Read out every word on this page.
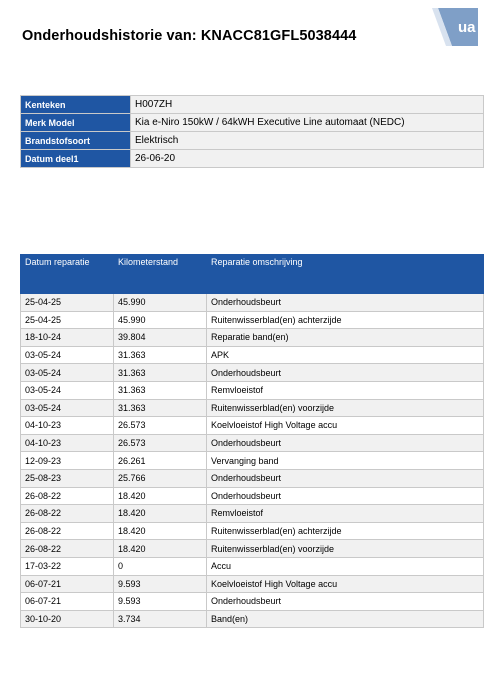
ua
Onderhoudshistorie van: KNACC81GFL5038444
Kenteken	H007ZH
Merk Model	Kia e-Niro 150kW / 64kWH Executive Line automaat (NEDC)
Brandstofsoort	Elektrisch
Datum deel1	26-06-20
Datum reparatie	Kilometerstand	Reparatie omschrijving
25-04-25	45.990	Onderhoudsbeurt
25-04-25	45.990	Ruitenwisserblad(en) achterzijde
18-10-24	39.804	Reparatie band(en)
03-05-24	31.363	APK
03-05-24	31.363	Onderhoudsbeurt
03-05-24	31.363	Remvloeistof
03-05-24	31.363	Ruitenwisserblad(en) voorzijde
04-10-23	26.573	Koelvloeistof High Voltage accu
04-10-23	26.573	Onderhoudsbeurt
12-09-23	26.261	Vervanging band
25-08-23	25.766	Onderhoudsbeurt
26-08-22	18.420	Onderhoudsbeurt
26-08-22	18.420	Remvloeistof
26-08-22	18.420	Ruitenwisserblad(en) achterzijde
26-08-22	18.420	Ruitenwisserblad(en) voorzijde
17-03-22	0	Accu
06-07-21	9.593	Koelvloeistof High Voltage accu
06-07-21	9.593	Onderhoudsbeurt
30-10-20	3.734	Band(en)
